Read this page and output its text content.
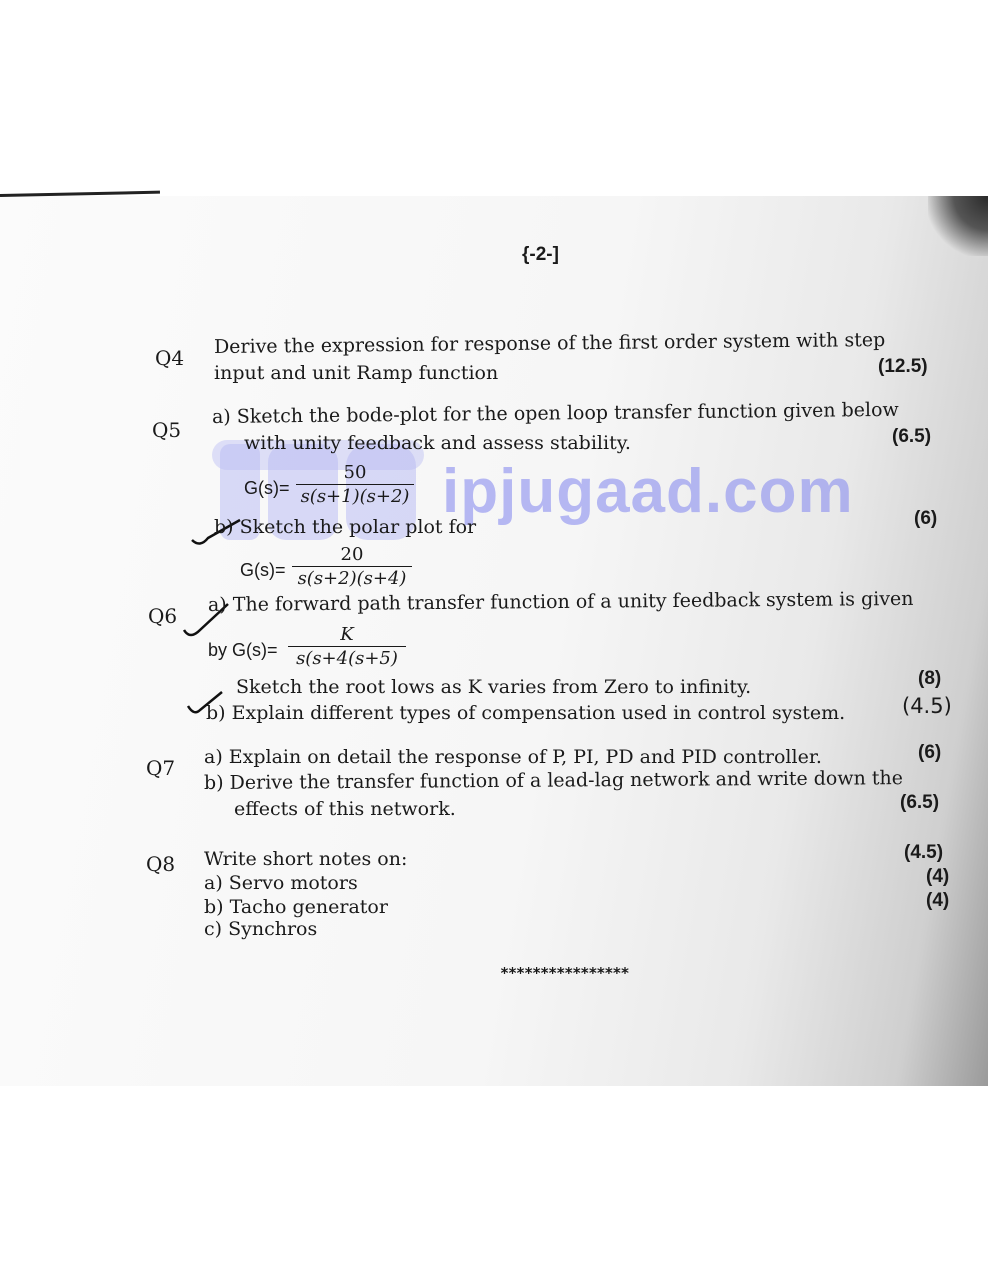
ipjugaad.com
{-2-]
Q4
Derive the expression for response of the first order system with step
input and unit Ramp function	(12.5)
Q5
a) Sketch the bode-plot for the open loop transfer function given below
with unity feedback and assess stability.	(6.5)
$G(s)= \frac{50}{s(s+1)(s+2)}$
b) Sketch the polar plot for	(6)
$G(s)= \frac{20}{s(s+2)(s+4)}$
Q6
a) The forward path transfer function of a unity feedback system is given
by $G(s)= \frac{K}{s(s+4(s+5)}$
Sketch the root lows as K varies from Zero to infinity.	(8)
b) Explain different types of compensation used in control system.	(4.5)
Q7 a) Explain on detail the response of P, PI, PD and PID controller.	(6)
b) Derive the transfer function of a lead-lag network and write down the
effects of this network.	(6.5)
Q8 Write short notes on:	(4.5)
a) Servo motors	(4)
b) Tacho generator	(4)
c) Synchros
****************
